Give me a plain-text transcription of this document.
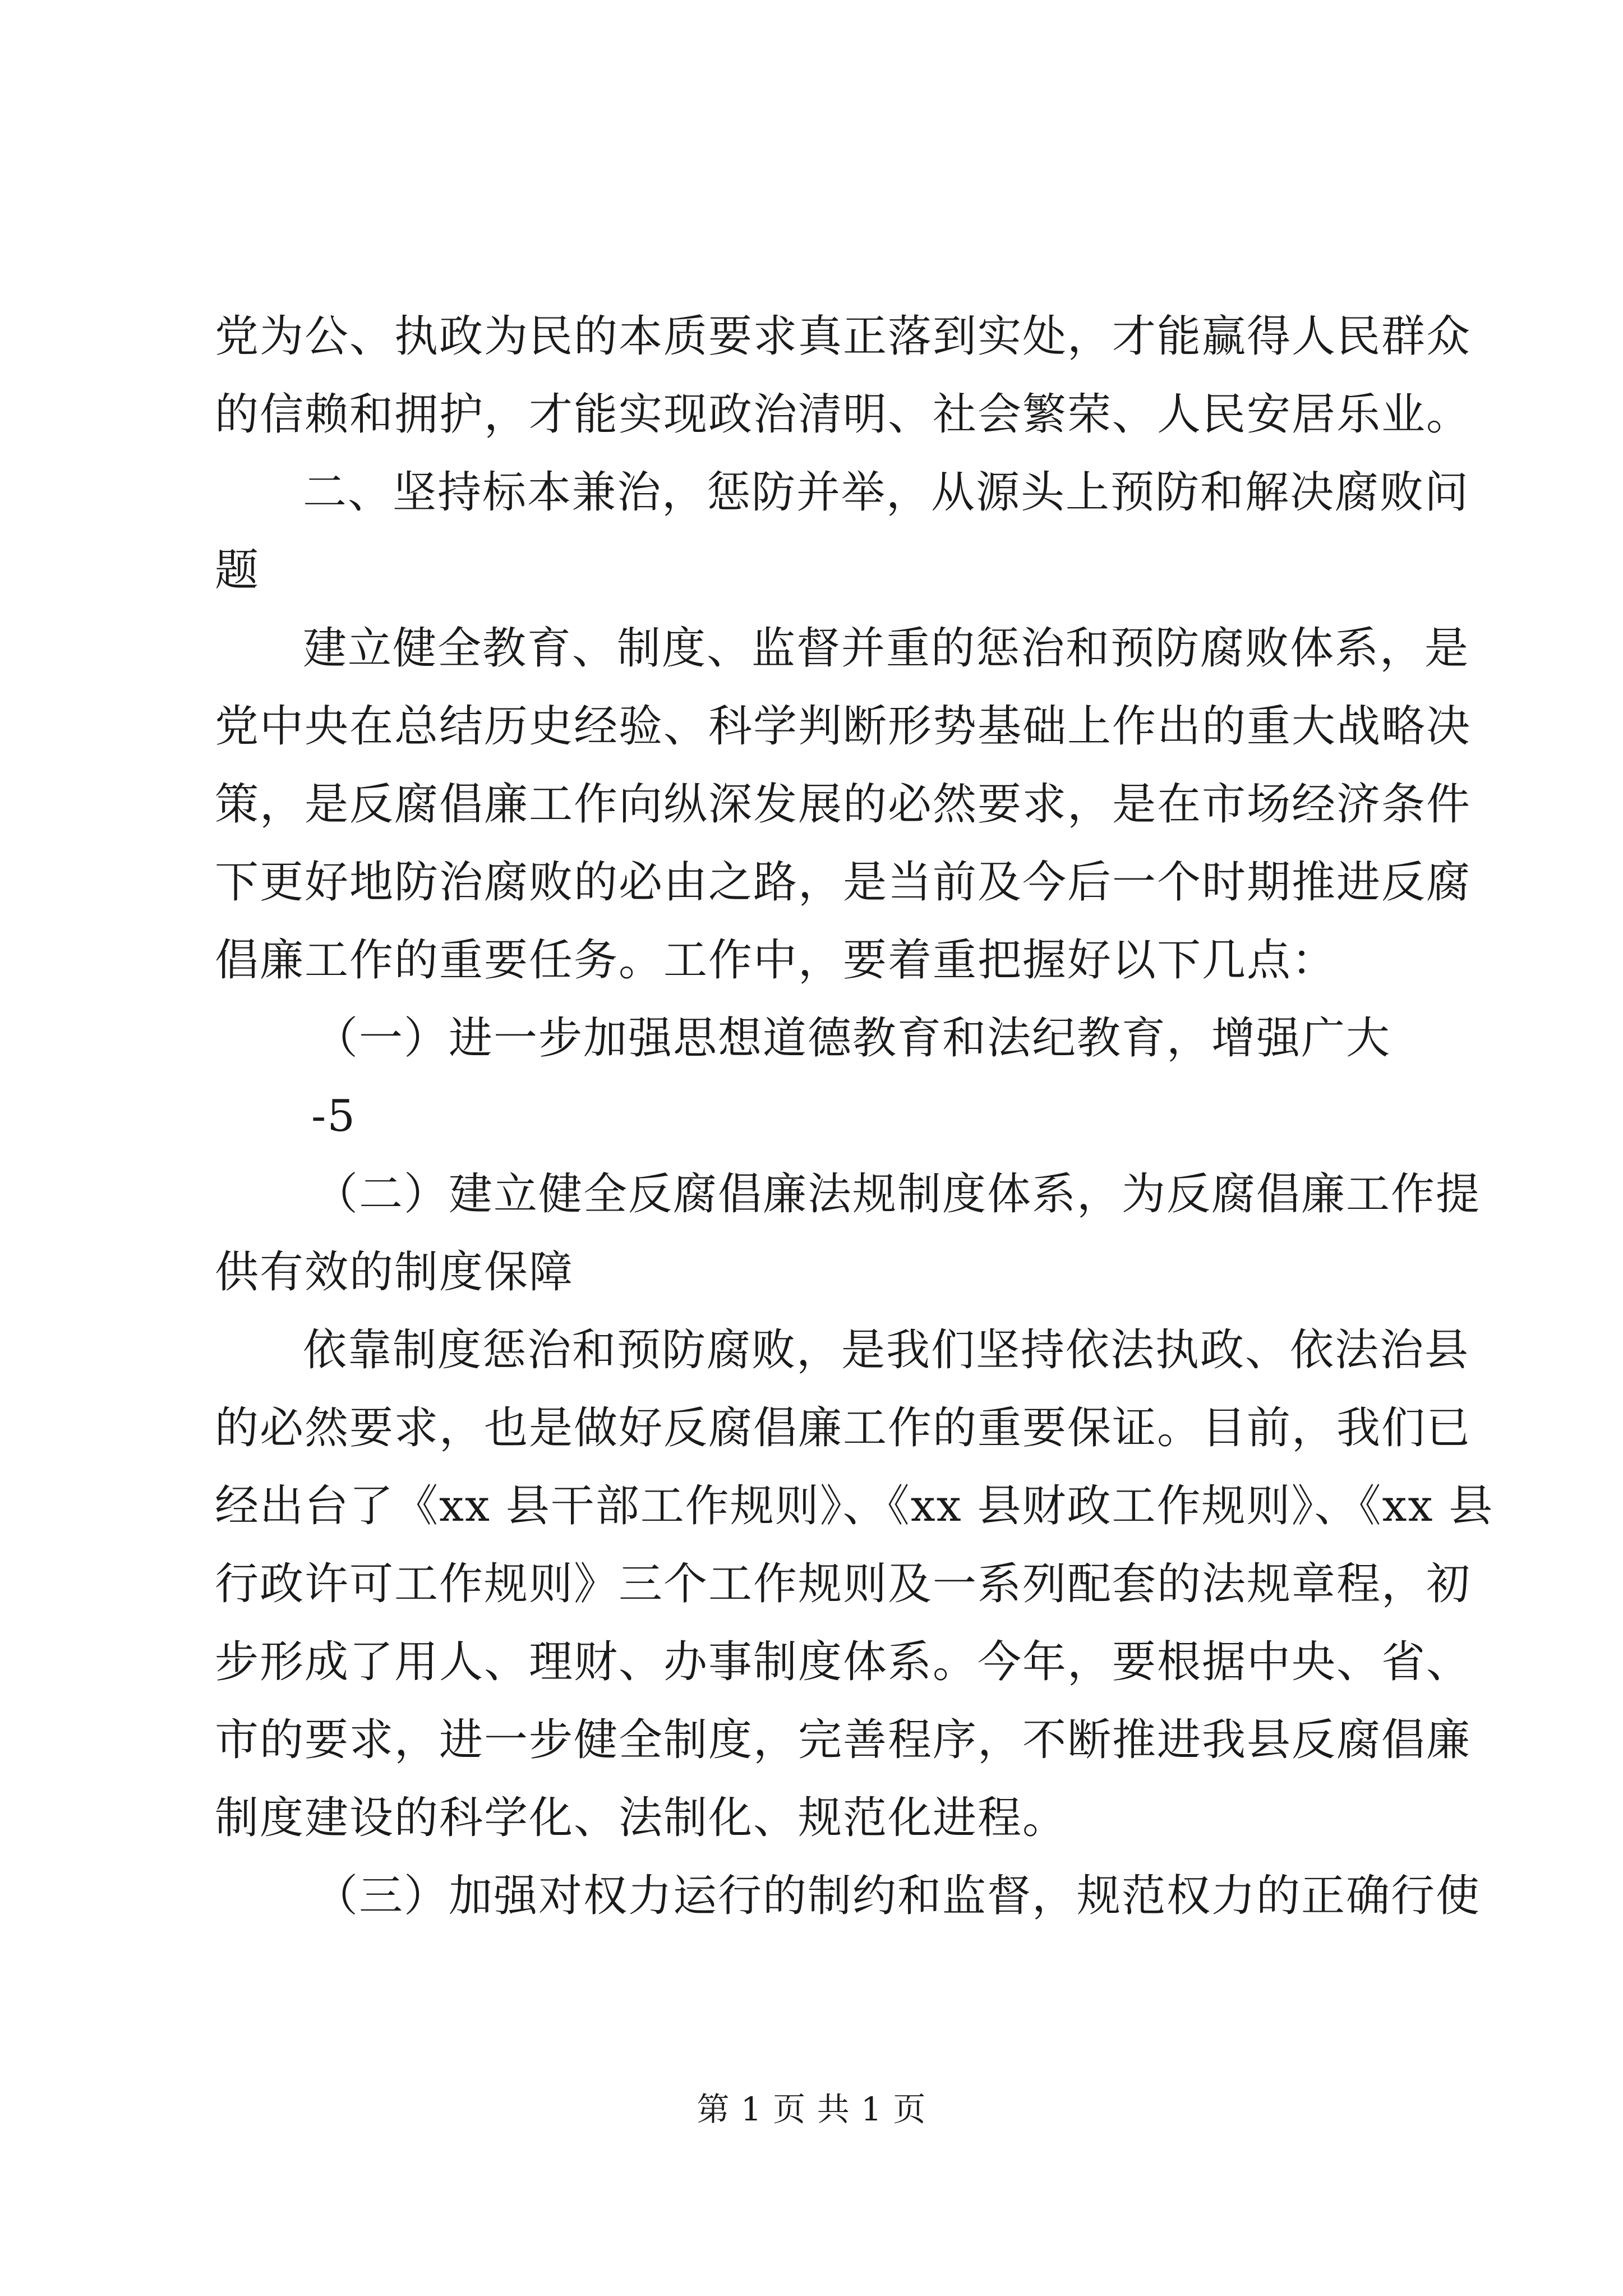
党为公、执政为民的本质要求真正落到实处，才能赢得人民群众

的信赖和拥护，才能实现政治清明、社会繁荣、人民安居乐业。

二、坚持标本兼治，惩防并举，从源头上预防和解决腐败问

题

建立健全教育、制度、监督并重的惩治和预防腐败体系，是

党中央在总结历史经验、科学判断形势基础上作出的重大战略决

策，是反腐倡廉工作向纵深发展的必然要求，是在市场经济条件

下更好地防治腐败的必由之路，是当前及今后一个时期推进反腐

倡廉工作的重要任务。工作中，要着重把握好以下几点：

（一）进一步加强思想道德教育和法纪教育，增强广大

-5

（二）建立健全反腐倡廉法规制度体系，为反腐倡廉工作提

供有效的制度保障

依靠制度惩治和预防腐败，是我们坚持依法执政、依法治县

的必然要求，也是做好反腐倡廉工作的重要保证。目前，我们已

经出台了《xx 县干部工作规则》、《xx 县财政工作规则》、《xx 县

行政许可工作规则》三个工作规则及一系列配套的法规章程，初

步形成了用人、理财、办事制度体系。今年，要根据中央、省、

市的要求，进一步健全制度，完善程序，不断推进我县反腐倡廉

制度建设的科学化、法制化、规范化进程。

（三）加强对权力运行的制约和监督，规范权力的正确行使

第 1 页 共 1 页
